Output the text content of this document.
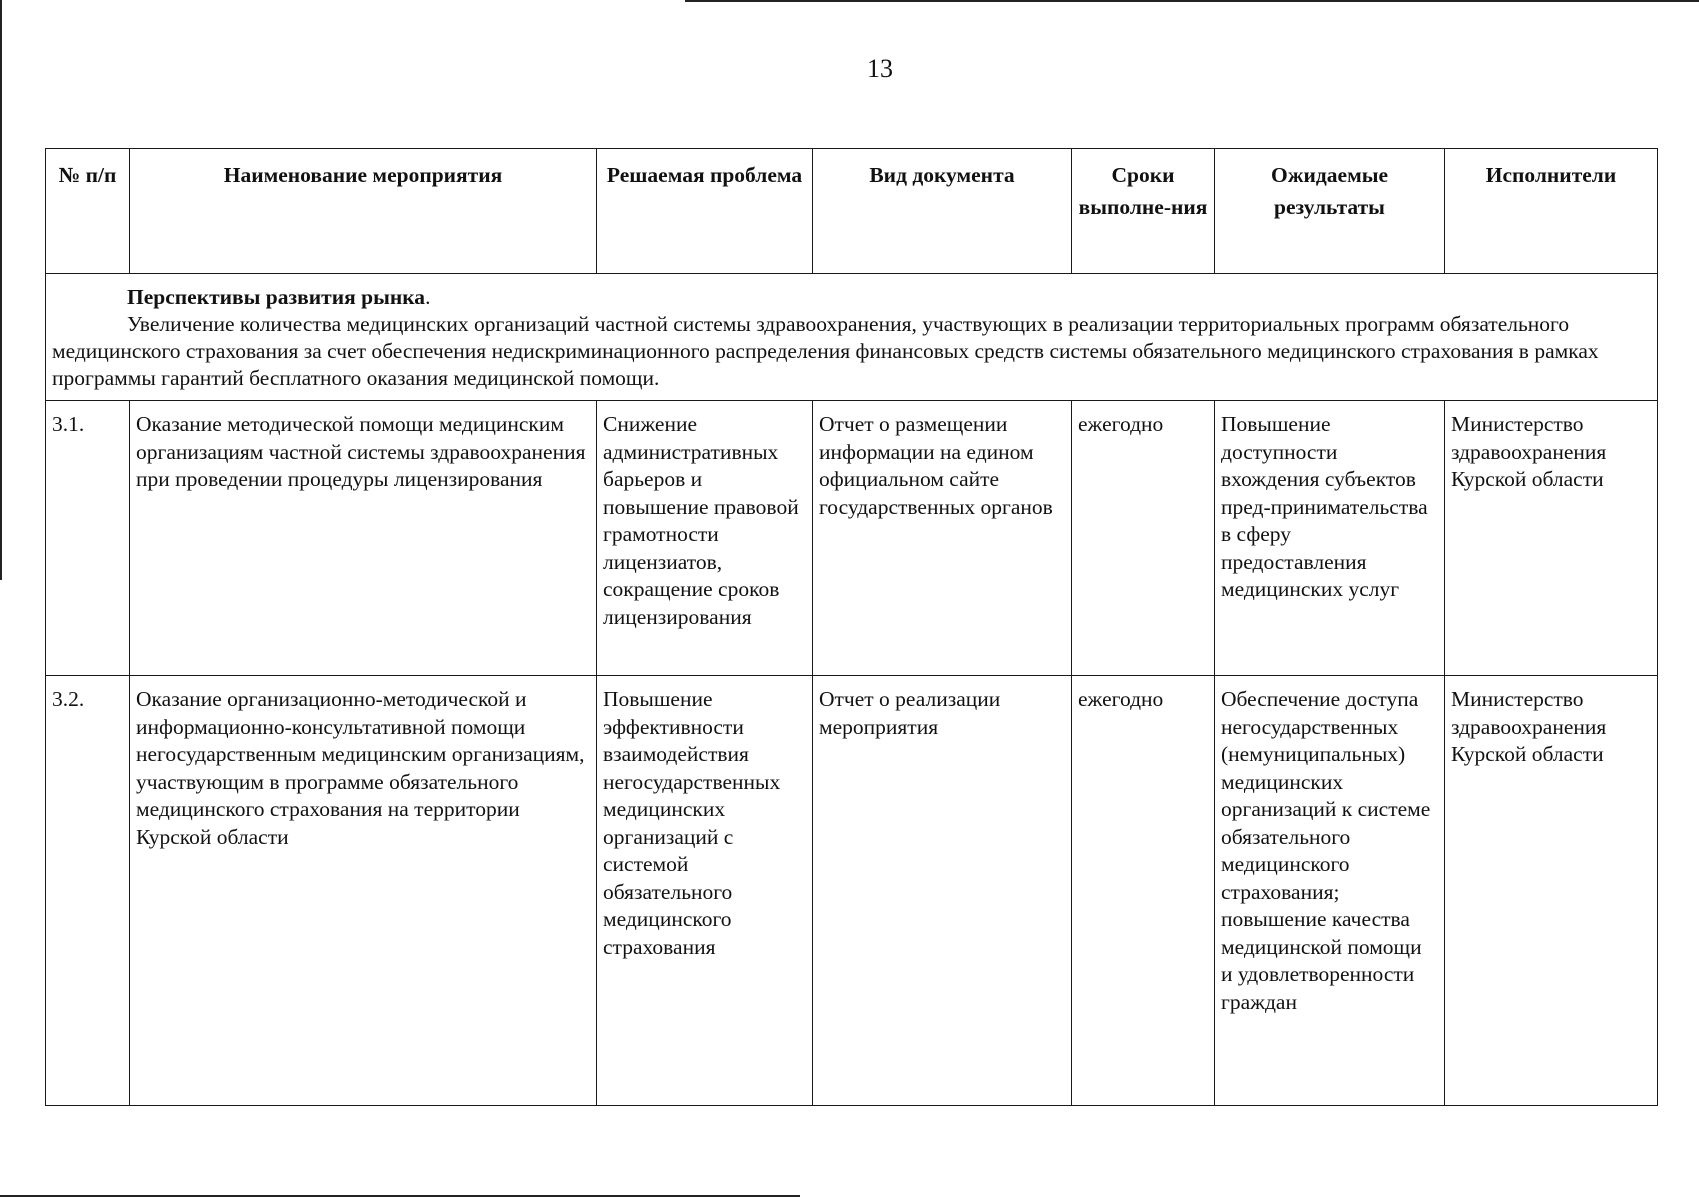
13
№ п/п	Наименование мероприятия	Решаемая проблема	Вид документа	Сроки выполне-ния	Ожидаемые результаты	Исполнители

Перспективы развития рынка.
Увеличение количества медицинских организаций частной системы здравоохранения, участвующих в реализации территориальных программ обязательного медицинского страхования за счет обеспечения недискриминационного распределения финансовых средств системы обязательного медицинского страхования в рамках программы гарантий бесплатного оказания медицинской помощи.						

3.1.	Оказание методической помощи медицинским организациям частной системы здравоохранения при проведении процедуры лицензирования	Снижение административных барьеров и повышение правовой грамотности лицензиатов, сокращение сроков лицензирования	Отчет о размещении информации на едином официальном сайте государственных органов	ежегодно	Повышение доступности вхождения субъектов пред-принимательства в сферу предоставления медицинских услуг	Министерство здравоохранения Курской области
3.2.	Оказание организационно-методической и информационно-консультативной помощи негосударственным медицинским организациям, участвующим в программе обязательного медицинского страхования на территории Курской области	Повышение эффективности взаимодействия негосударственных медицинских организаций с системой обязательного медицинского страхования	Отчет о реализации мероприятия	ежегодно	Обеспечение доступа негосударственных (немуниципальных) медицинских организаций к системе обязательного медицинского страхования; повышение качества медицинской помощи и удовлетворенности граждан	Министерство здравоохранения Курской области
